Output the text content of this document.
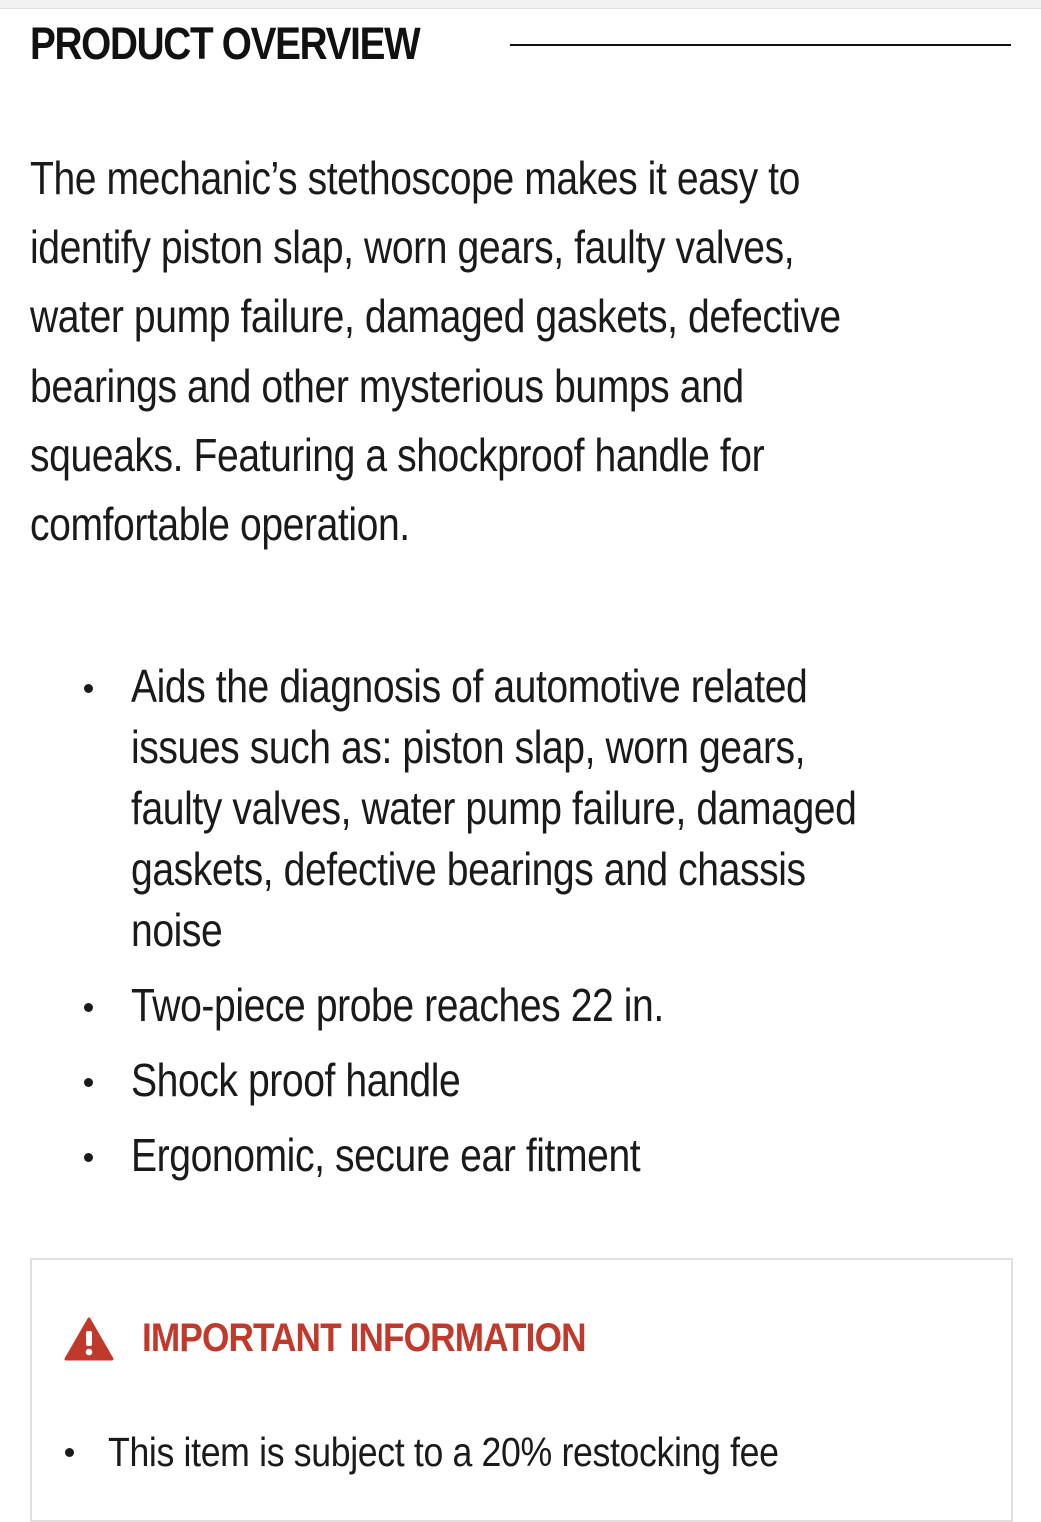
PRODUCT OVERVIEW

The mechanic’s stethoscope makes it easy to
identify piston slap, worn gears, faulty valves,
water pump failure, damaged gaskets, defective
bearings and other mysterious bumps and
squeaks. Featuring a shockproof handle for
comfortable operation.

Aids the diagnosis of automotive related
issues such as: piston slap, worn gears,
faulty valves, water pump failure, damaged
gaskets, defective bearings and chassis
noise
Two-piece probe reaches 22 in.
Shock proof handle
Ergonomic, secure ear fitment
IMPORTANT INFORMATION
This item is subject to a 20% restocking fee
